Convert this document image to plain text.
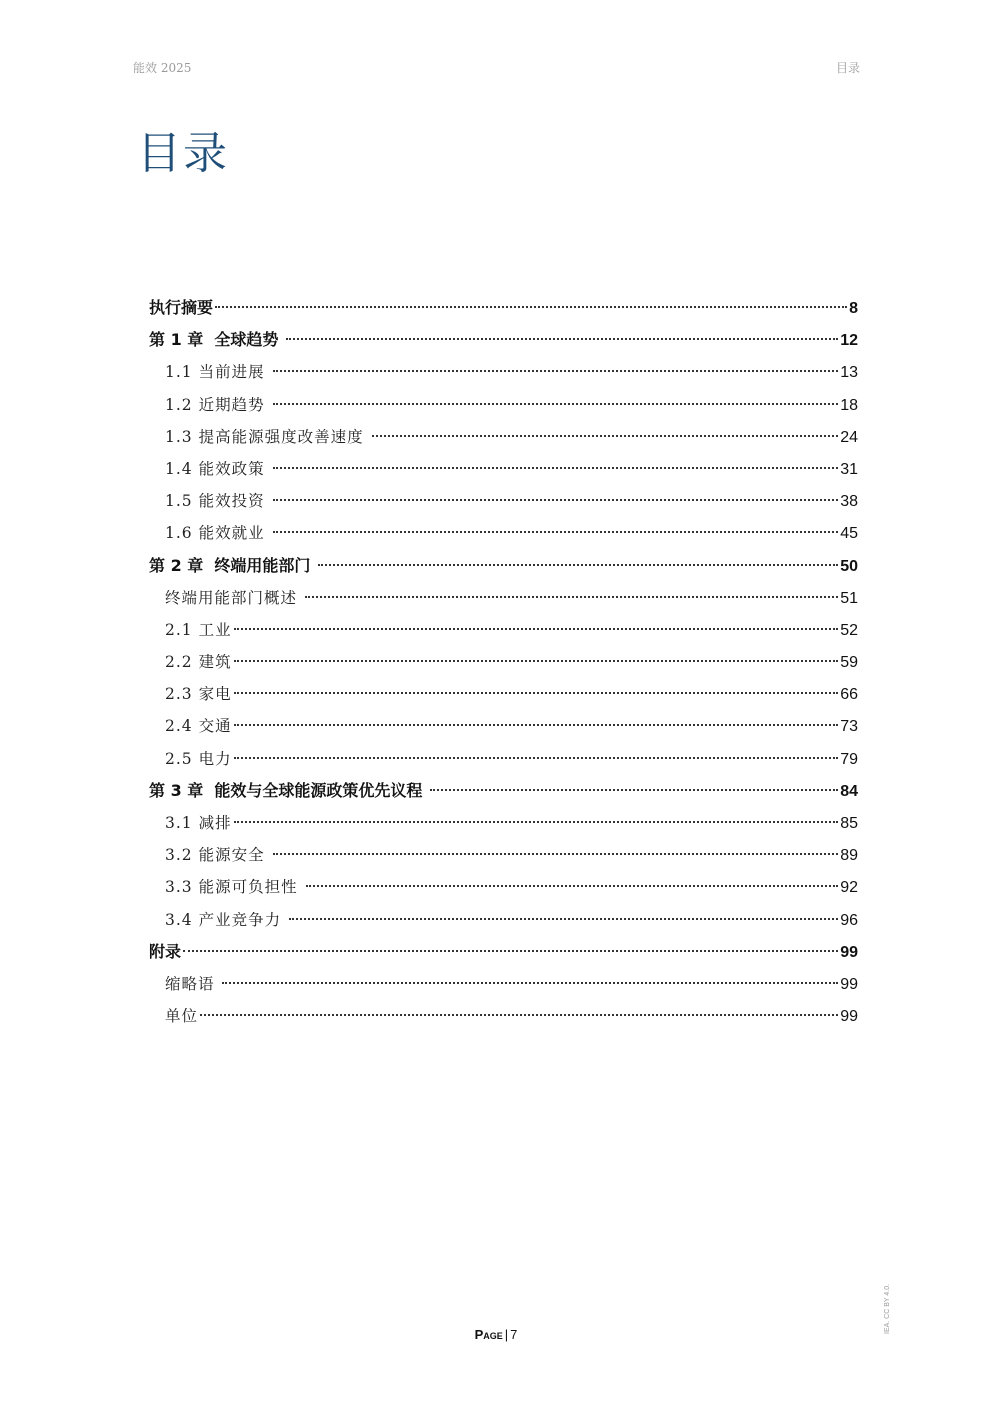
能效 2025	目录
目录
执行摘要	8
第 1 章  全球趋势	12
1.1 当前进展	13
1.2 近期趋势	18
1.3 提高能源强度改善速度	24
1.4 能效政策	31
1.5 能效投资	38
1.6 能效就业	45
第 2 章  终端用能部门	50
终端用能部门概述	51
2.1 工业	52
2.2 建筑	59
2.3 家电	66
2.4 交通	73
2.5 电力	79
第 3 章  能效与全球能源政策优先议程	84
3.1 减排	85
3.2 能源安全	89
3.3 能源可负担性	92
3.4 产业竞争力	96
附录	99
缩略语	99
单位	99
Page | 7
IEA. CC BY 4.0.
